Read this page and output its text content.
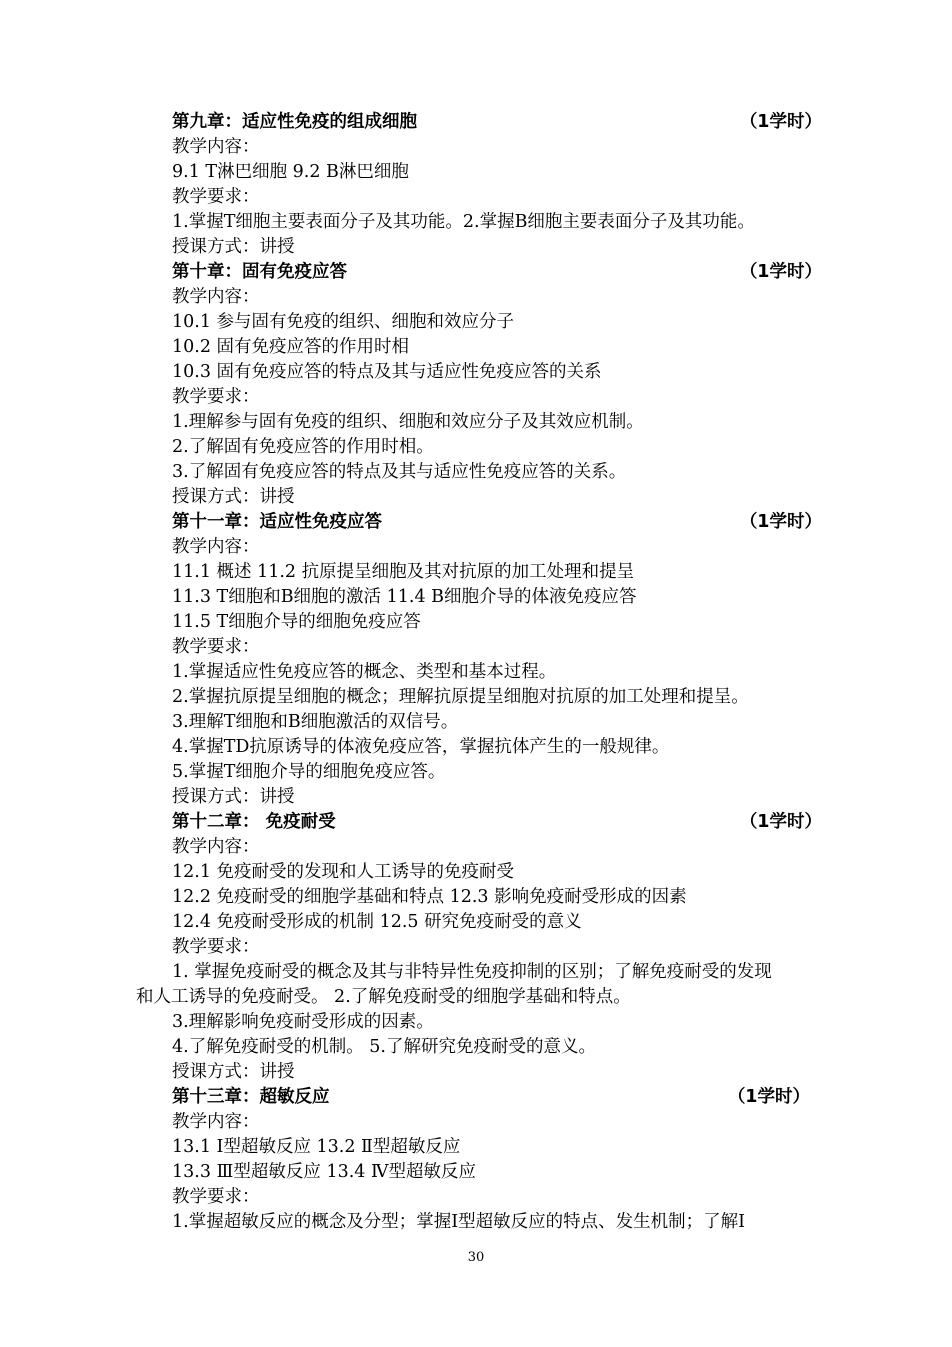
第九章：适应性免疫的组成细胞	（1学时）
教学内容：
9.1 T淋巴细胞 9.2 B淋巴细胞
教学要求：
1.掌握T细胞主要表面分子及其功能。2.掌握B细胞主要表面分子及其功能。
授课方式：讲授
第十章：固有免疫应答	（1学时）
教学内容：
10.1 参与固有免疫的组织、细胞和效应分子
10.2 固有免疫应答的作用时相
10.3 固有免疫应答的特点及其与适应性免疫应答的关系
教学要求：
1.理解参与固有免疫的组织、细胞和效应分子及其效应机制。
2.了解固有免疫应答的作用时相。
3.了解固有免疫应答的特点及其与适应性免疫应答的关系。
授课方式：讲授
第十一章：适应性免疫应答	（1学时）
教学内容：
11.1 概述 11.2 抗原提呈细胞及其对抗原的加工处理和提呈
11.3 T细胞和B细胞的激活 11.4 B细胞介导的体液免疫应答
11.5 T细胞介导的细胞免疫应答
教学要求：
1.掌握适应性免疫应答的概念、类型和基本过程。
2.掌握抗原提呈细胞的概念；理解抗原提呈细胞对抗原的加工处理和提呈。
3.理解T细胞和B细胞激活的双信号。
4.掌握TD抗原诱导的体液免疫应答，掌握抗体产生的一般规律。
5.掌握T细胞介导的细胞免疫应答。
授课方式：讲授
第十二章： 免疫耐受	（1学时）
教学内容：
12.1 免疫耐受的发现和人工诱导的免疫耐受
12.2 免疫耐受的细胞学基础和特点 12.3 影响免疫耐受形成的因素
12.4 免疫耐受形成的机制 12.5 研究免疫耐受的意义
教学要求：
1. 掌握免疫耐受的概念及其与非特异性免疫抑制的区别；了解免疫耐受的发现
和人工诱导的免疫耐受。 2.了解免疫耐受的细胞学基础和特点。
3.理解影响免疫耐受形成的因素。
4.了解免疫耐受的机制。 5.了解研究免疫耐受的意义。
授课方式：讲授
第十三章：超敏反应	（1学时）
教学内容：
13.1 Ⅰ型超敏反应 13.2 Ⅱ型超敏反应
13.3 Ⅲ型超敏反应 13.4 Ⅳ型超敏反应
教学要求：
1.掌握超敏反应的概念及分型；掌握Ⅰ型超敏反应的特点、发生机制；了解Ⅰ
30
